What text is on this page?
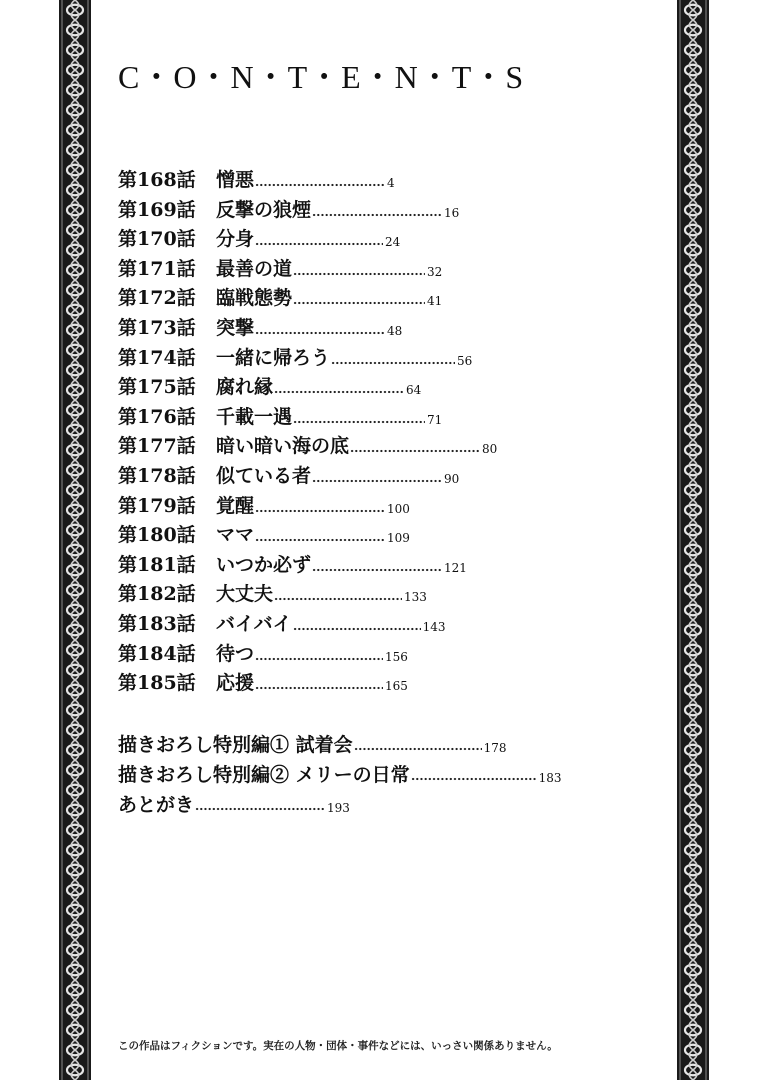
C・O・N・T・E・N・T・S
第168話 憎悪	4
第169話 反撃の狼煙	16
第170話 分身	24
第171話 最善の道	32
第172話 臨戦態勢	41
第173話 突撃	48
第174話 一緒に帰ろう	56
第175話 腐れ縁	64
第176話 千載一遇	71
第177話 暗い暗い海の底	80
第178話 似ている者	90
第179話 覚醒	100
第180話 ママ	109
第181話 いつか必ず	121
第182話 大丈夫	133
第183話 バイバイ	143
第184話 待つ	156
第185話 応援	165
描きおろし特別編① 試着会	178
描きおろし特別編② メリーの日常	183
あとがき	193
この作品はフィクションです。実在の人物・団体・事件などには、いっさい関係ありません。
